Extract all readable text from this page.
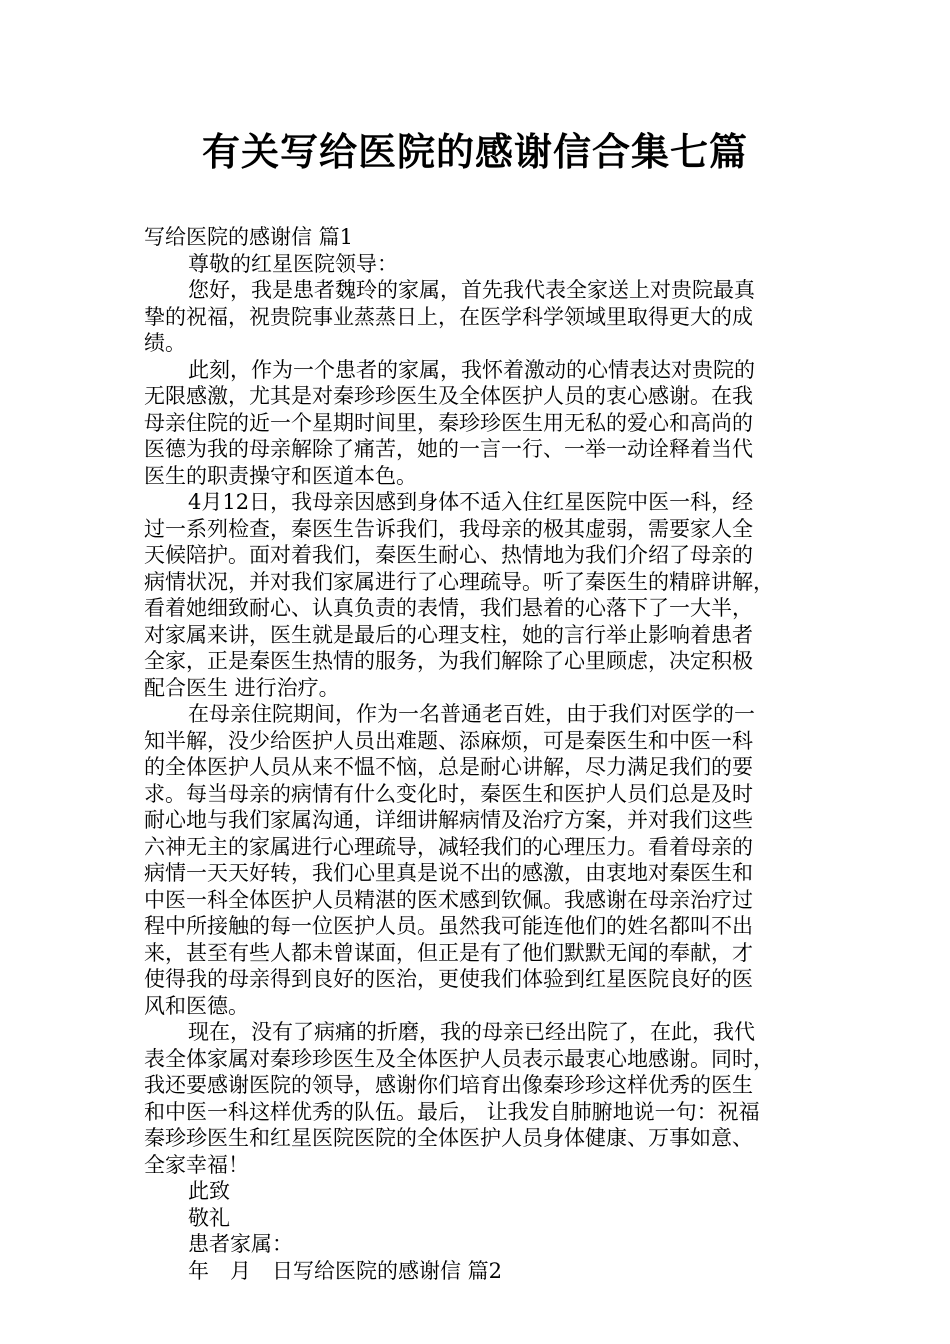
有关写给医院的感谢信合集七篇
写给医院的感谢信 篇1
尊敬的红星医院领导：
您好，我是患者魏玲的家属，首先我代表全家送上对贵院最真
挚的祝福，祝贵院事业蒸蒸日上，在医学科学领域里取得更大的成
绩。
此刻，作为一个患者的家属，我怀着激动的心情表达对贵院的
无限感激，尤其是对秦珍珍医生及全体医护人员的衷心感谢。在我
母亲住院的近一个星期时间里，秦珍珍医生用无私的爱心和高尚的
医德为我的母亲解除了痛苦，她的一言一行、一举一动诠释着当代
医生的职责操守和医道本色。
4月12日，我母亲因感到身体不适入住红星医院中医一科，经
过一系列检查，秦医生告诉我们，我母亲的极其虚弱，需要家人全
天候陪护。面对着我们，秦医生耐心、热情地为我们介绍了母亲的
病情状况，并对我们家属进行了心理疏导。听了秦医生的精辟讲解，
看着她细致耐心、认真负责的表情，我们悬着的心落下了一大半，
对家属来讲，医生就是最后的心理支柱，她的言行举止影响着患者
全家，正是秦医生热情的服务，为我们解除了心里顾虑，决定积极
配合医生 进行治疗。
在母亲住院期间，作为一名普通老百姓，由于我们对医学的一
知半解，没少给医护人员出难题、添麻烦，可是秦医生和中医一科
的全体医护人员从来不愠不恼，总是耐心讲解，尽力满足我们的要
求。每当母亲的病情有什么变化时，秦医生和医护人员们总是及时
耐心地与我们家属沟通，详细讲解病情及治疗方案，并对我们这些
六神无主的家属进行心理疏导，减轻我们的心理压力。看着母亲的
病情一天天好转，我们心里真是说不出的感激，由衷地对秦医生和
中医一科全体医护人员精湛的医术感到钦佩。我感谢在母亲治疗过
程中所接触的每一位医护人员。虽然我可能连他们的姓名都叫不出
来，甚至有些人都未曾谋面，但正是有了他们默默无闻的奉献，才
使得我的母亲得到良好的医治，更使我们体验到红星医院良好的医
风和医德。
现在，没有了病痛的折磨，我的母亲已经出院了，在此，我代
表全体家属对秦珍珍医生及全体医护人员表示最衷心地感谢。同时，
我还要感谢医院的领导，感谢你们培育出像秦珍珍这样优秀的医生
和中医一科这样优秀的队伍。最后， 让我发自肺腑地说一句：祝福
秦珍珍医生和红星医院医院的全体医护人员身体健康、万事如意、
全家幸福！
此致
敬礼
患者家属：
年　月　日写给医院的感谢信 篇2
